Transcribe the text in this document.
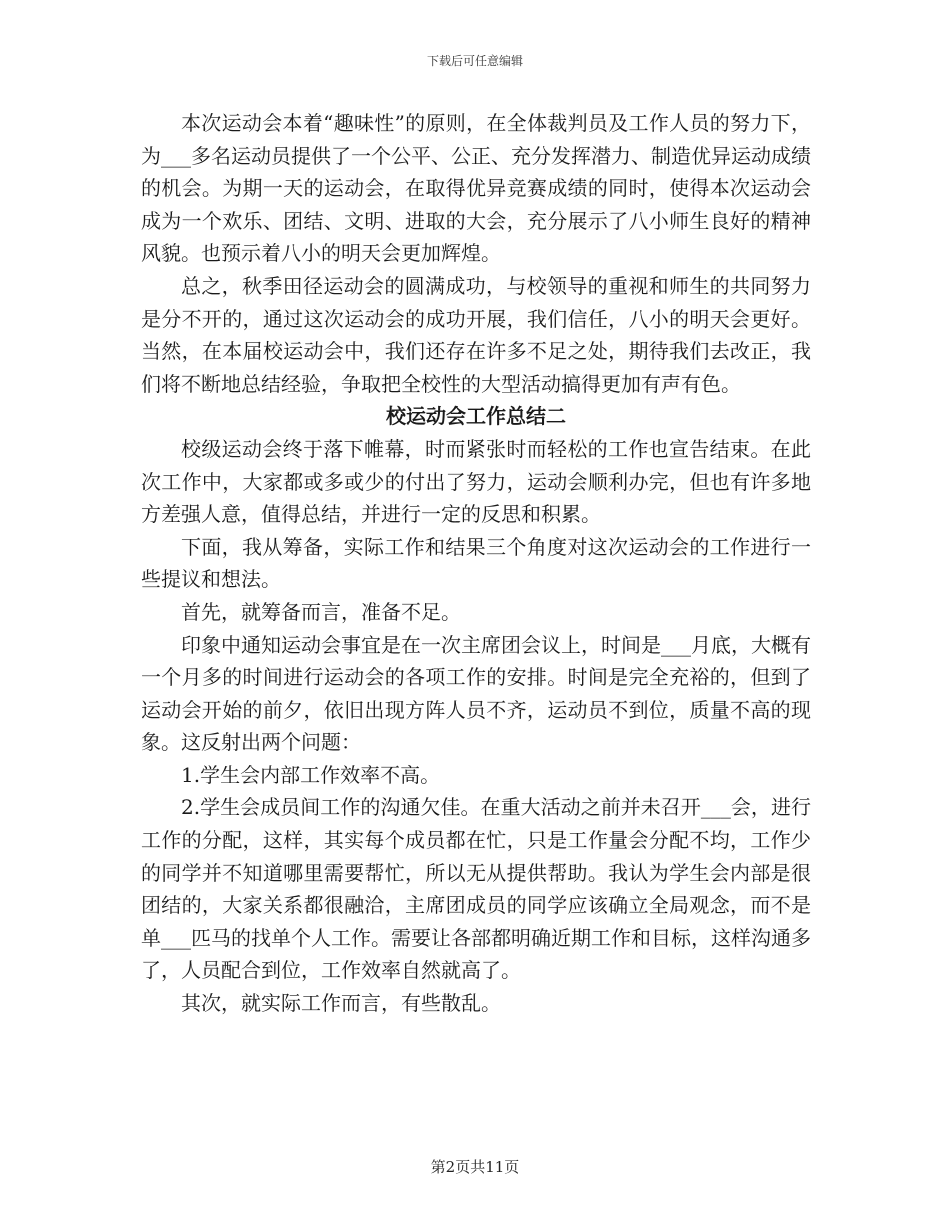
下载后可任意编辑

本次运动会本着“趣味性”的原则，在全体裁判员及工作人员的努力下，为___多名运动员提供了一个公平、公正、充分发挥潜力、制造优异运动成绩的机会。为期一天的运动会，在取得优异竞赛成绩的同时，使得本次运动会成为一个欢乐、团结、文明、进取的大会，充分展示了八小师生良好的精神风貌。也预示着八小的明天会更加辉煌。

总之，秋季田径运动会的圆满成功，与校领导的重视和师生的共同努力是分不开的，通过这次运动会的成功开展，我们信任，八小的明天会更好。当然，在本届校运动会中，我们还存在许多不足之处，期待我们去改正，我们将不断地总结经验，争取把全校性的大型活动搞得更加有声有色。

校运动会工作总结二

校级运动会终于落下帷幕，时而紧张时而轻松的工作也宣告结束。在此次工作中，大家都或多或少的付出了努力，运动会顺利办完，但也有许多地方差强人意，值得总结，并进行一定的反思和积累。

下面，我从筹备，实际工作和结果三个角度对这次运动会的工作进行一些提议和想法。

首先，就筹备而言，准备不足。

印象中通知运动会事宜是在一次主席团会议上，时间是___月底，大概有一个月多的时间进行运动会的各项工作的安排。时间是完全充裕的，但到了运动会开始的前夕，依旧出现方阵人员不齐，运动员不到位，质量不高的现象。这反射出两个问题：

1.学生会内部工作效率不高。

2.学生会成员间工作的沟通欠佳。在重大活动之前并未召开___会，进行工作的分配，这样，其实每个成员都在忙，只是工作量会分配不均，工作少的同学并不知道哪里需要帮忙，所以无从提供帮助。我认为学生会内部是很团结的，大家关系都很融洽，主席团成员的同学应该确立全局观念，而不是单___匹马的找单个人工作。需要让各部都明确近期工作和目标，这样沟通多了，人员配合到位，工作效率自然就高了。

其次，就实际工作而言，有些散乱。

第2页共11页
